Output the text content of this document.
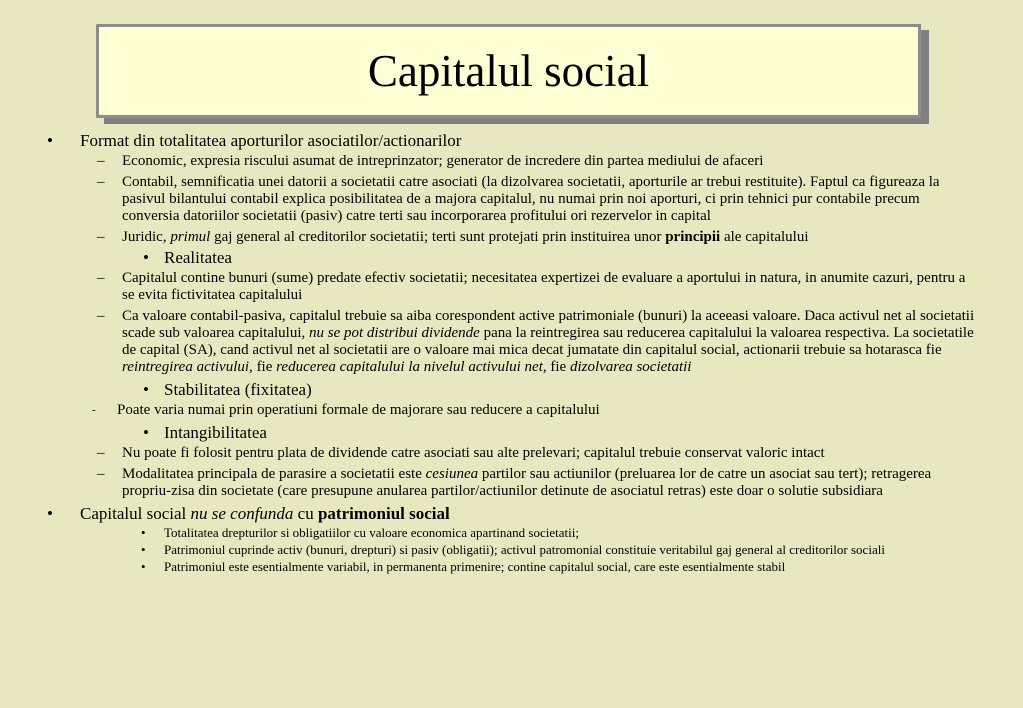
Capitalul social
• Format din totalitatea aporturilor asociatilor/actionarilor
– Economic, expresia riscului asumat de intreprinzator; generator de incredere din partea mediului de afaceri
– Contabil, semnificatia unei datorii a societatii catre asociati (la dizolvarea societatii, aporturile ar trebui restituite). Faptul ca figureaza la pasivul bilantului contabil explica posibilitatea de a majora capitalul, nu numai prin noi aporturi, ci prin tehnici pur contabile precum conversia datoriilor societatii (pasiv) catre terti sau incorporarea profitului ori rezervelor in capital
– Juridic, primul gaj general al creditorilor societatii; terti sunt protejati prin instituirea unor principii ale capitalului
• Realitatea
– Capitalul contine bunuri (sume) predate efectiv societatii; necesitatea expertizei de evaluare a aportului in natura, in anumite cazuri, pentru a se evita fictivitatea capitalului
– Ca valoare contabil-pasiva, capitalul trebuie sa aiba corespondent active patrimoniale (bunuri) la aceeasi valoare. Daca activul net al societatii scade sub valoarea capitalului, nu se pot distribui dividende pana la reintregirea sau reducerea capitalului la valoarea respectiva. La societatile de capital (SA), cand activul net al societatii are o valoare mai mica decat jumatate din capitalul social, actionarii trebuie sa hotarasca fie reintregirea activului, fie reducerea capitalului la nivelul activului net, fie dizolvarea societatii
• Stabilitatea (fixitatea)
- Poate varia numai prin operatiuni formale de majorare sau reducere a capitalului
• Intangibilitatea
– Nu poate fi folosit pentru plata de dividende catre asociati sau alte prelevari; capitalul trebuie conservat valoric intact
– Modalitatea principala de parasire a societatii este cesiunea partilor sau actiunilor (preluarea lor de catre un asociat sau tert); retragerea propriu-zisa din societate (care presupune anularea partilor/actiunilor detinute de asociatul retras) este doar o solutie subsidiara
• Capitalul social nu se confunda cu patrimoniul social
• Totalitatea drepturilor si obligatiilor cu valoare economica apartinand societatii;
• Patrimoniul cuprinde activ (bunuri, drepturi) si pasiv (obligatii); activul patromonial constituie veritabilul gaj general al creditorilor sociali
• Patrimoniul este esentialmente variabil, in permanenta primenire; contine capitalul social, care este esentialmente stabil
